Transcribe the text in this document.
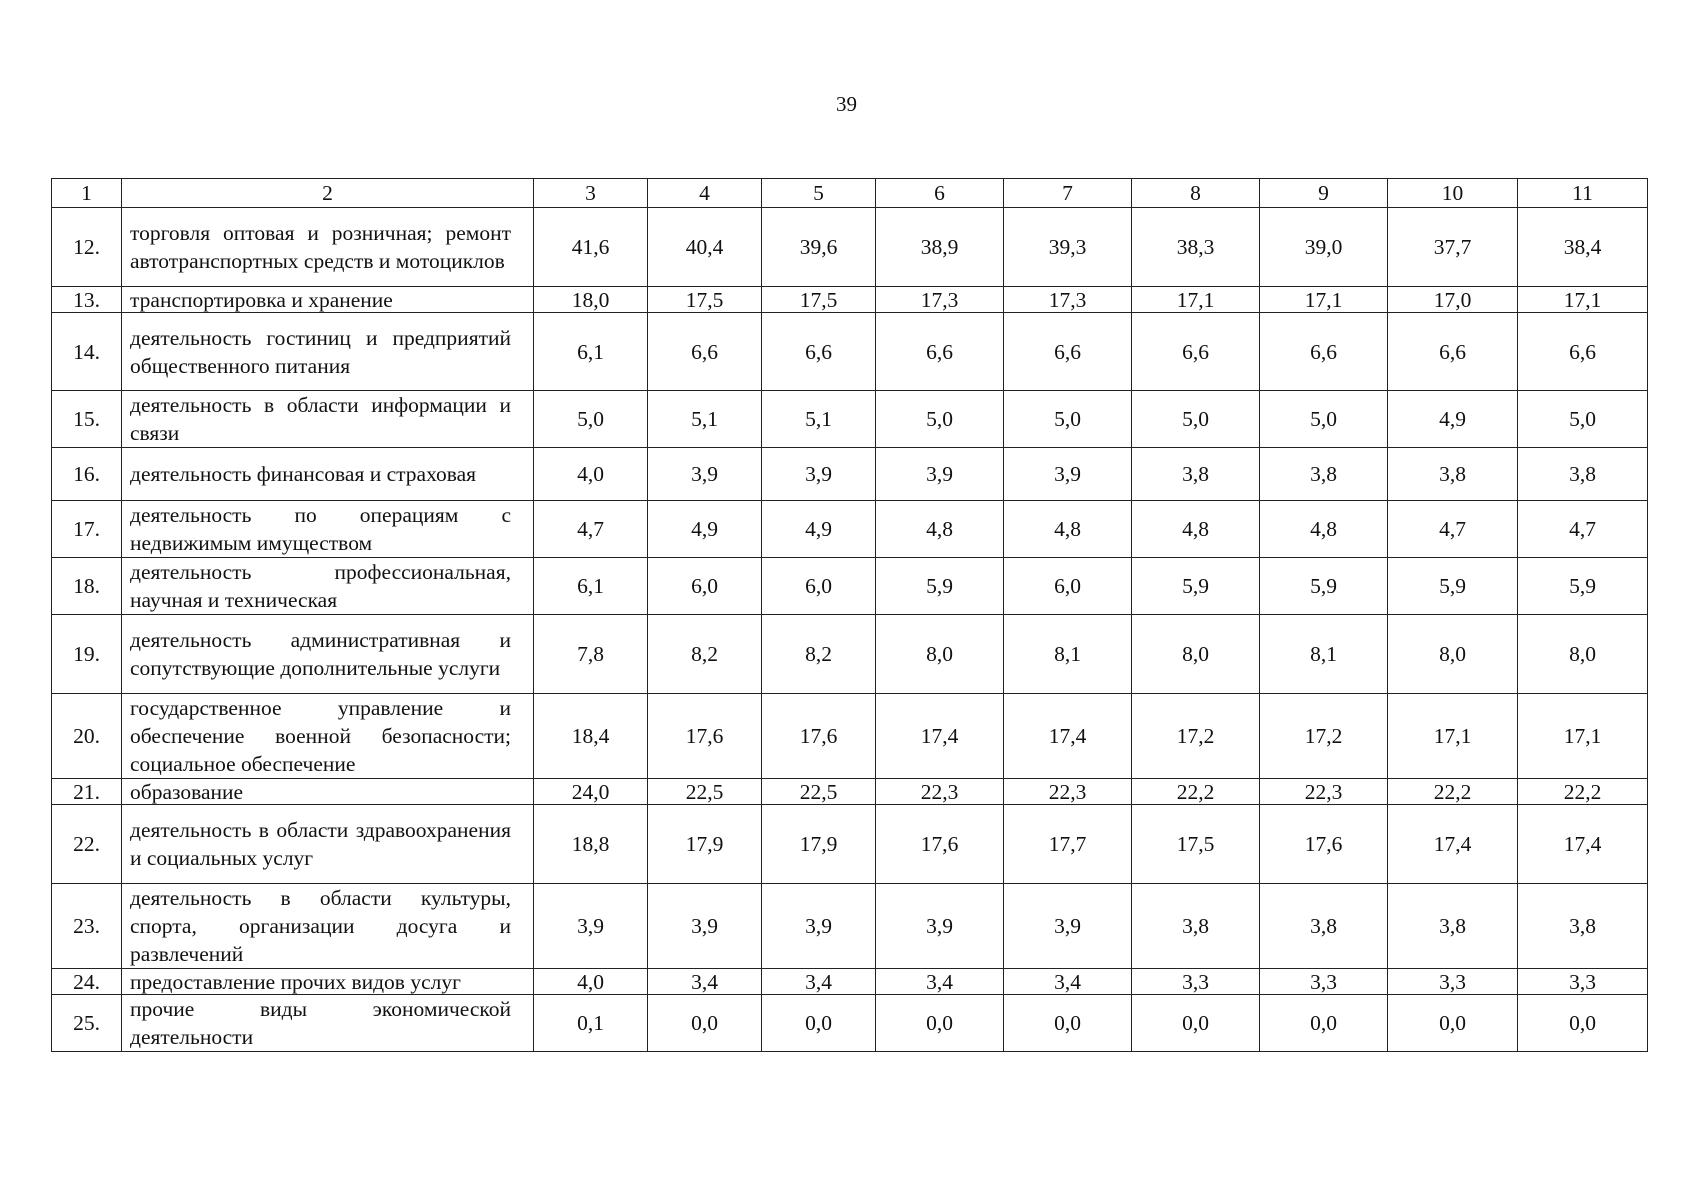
39
1	2	3	4	5	6	7	8	9	10	11
12.	торговля оптовая и розничная; ремонт автотранспортных средств и мотоциклов	41,6	40,4	39,6	38,9	39,3	38,3	39,0	37,7	38,4
13.	транспортировка и хранение	18,0	17,5	17,5	17,3	17,3	17,1	17,1	17,0	17,1
14.	деятельность гостиниц и предприятий общественного питания	6,1	6,6	6,6	6,6	6,6	6,6	6,6	6,6	6,6
15.	деятельность в области информации и связи	5,0	5,1	5,1	5,0	5,0	5,0	5,0	4,9	5,0
16.	деятельность финансовая и страховая	4,0	3,9	3,9	3,9	3,9	3,8	3,8	3,8	3,8
17.	деятельность по операциям с недвижимым имуществом	4,7	4,9	4,9	4,8	4,8	4,8	4,8	4,7	4,7
18.	деятельность профессиональная, научная и техническая	6,1	6,0	6,0	5,9	6,0	5,9	5,9	5,9	5,9
19.	деятельность административная и сопутствующие дополнительные услуги	7,8	8,2	8,2	8,0	8,1	8,0	8,1	8,0	8,0
20.	государственное управление и обеспечение военной безопасности; социальное обеспечение	18,4	17,6	17,6	17,4	17,4	17,2	17,2	17,1	17,1
21.	образование	24,0	22,5	22,5	22,3	22,3	22,2	22,3	22,2	22,2
22.	деятельность в области здравоохранения и социальных услуг	18,8	17,9	17,9	17,6	17,7	17,5	17,6	17,4	17,4
23.	деятельность в области культуры, спорта, организации досуга и развлечений	3,9	3,9	3,9	3,9	3,9	3,8	3,8	3,8	3,8
24.	предоставление прочих видов услуг	4,0	3,4	3,4	3,4	3,4	3,3	3,3	3,3	3,3
25.	прочие виды экономической деятельности	0,1	0,0	0,0	0,0	0,0	0,0	0,0	0,0	0,0
